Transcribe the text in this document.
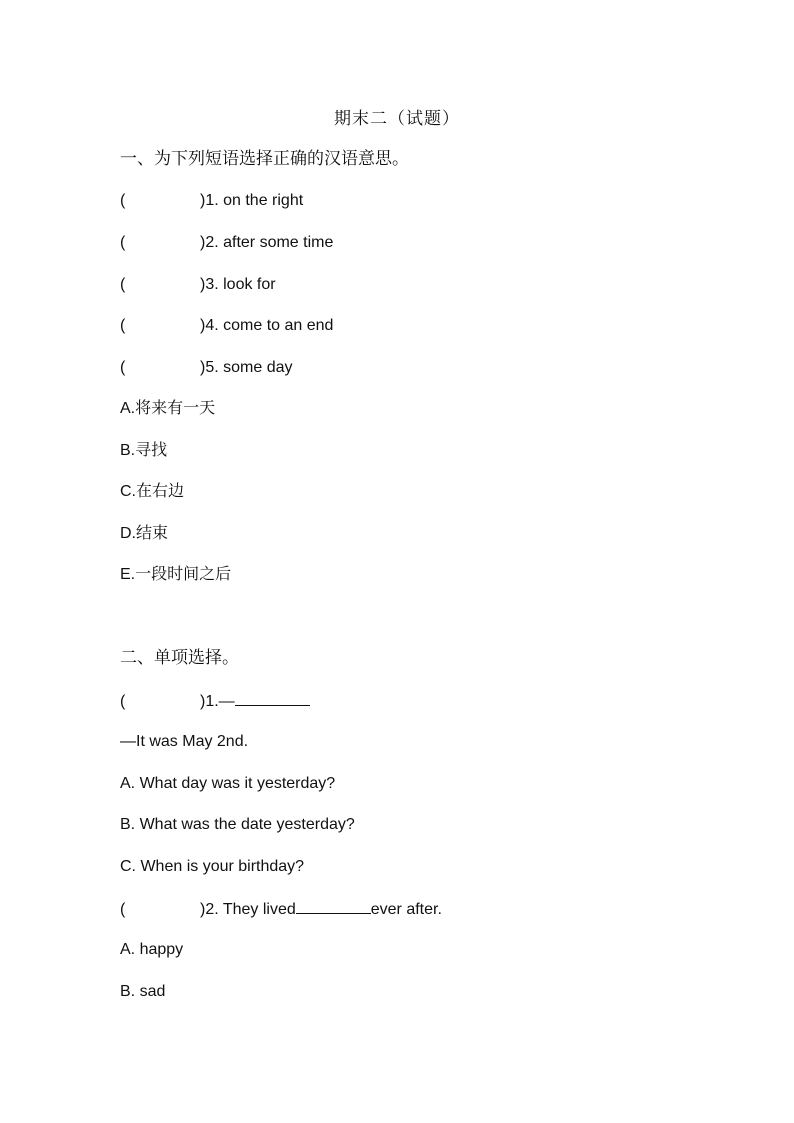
期末二（试题）
一、为下列短语选择正确的汉语意思。
(	)1. on the right
(	)2. after some time
(	)3. look for
(	)4. come to an end
(	)5. some day
A.将来有一天
B.寻找
C.在右边
D.结束
E.一段时间之后
二、单项选择。
(	)1.—
—It was May 2nd.
A. What day was it yesterday?
B. What was the date yesterday?
C. When is your birthday?
(	)2. They lived	ever after.
A. happy
B. sad
